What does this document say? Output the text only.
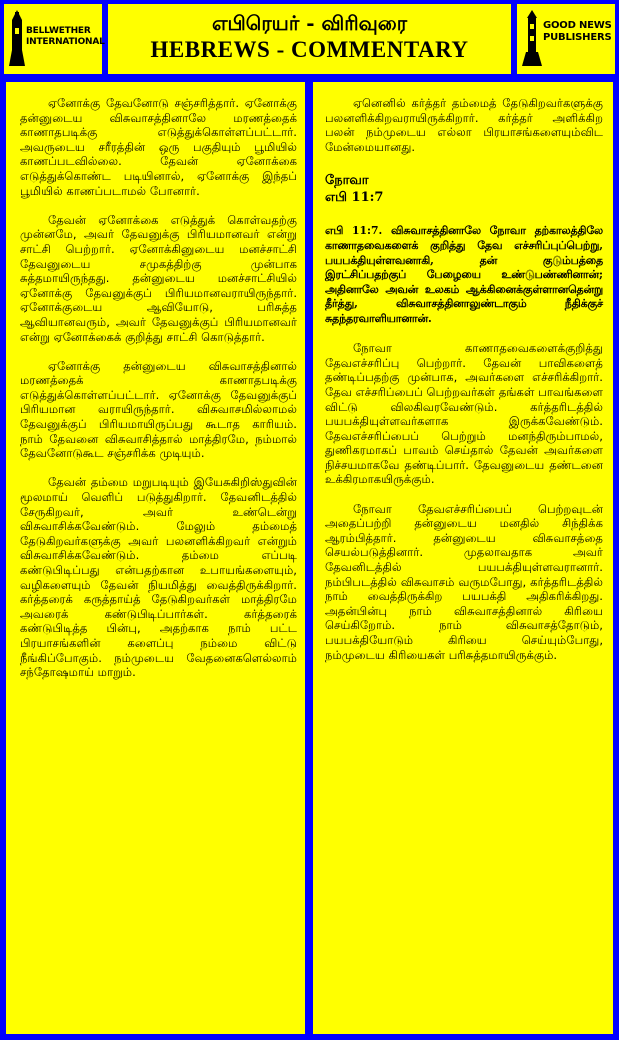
BELLWETHER INTERNATIONAL
எபிரெயர் - விரிவுரை
HEBREWS - COMMENTARY
GOOD NEWS PUBLISHERS

ஏனோக்கு தேவனோடு சஞ்சரித்தார். ஏனோக்கு தன்னுடைய விசுவாசத்தினாலே மரணத்தைக் காணாதபடிக்கு எடுத்துக்கொள்ளப்பட்டார். அவருடைய சரீரத்தின் ஒரு பகுதியும் பூமியில் காணப்படவில்லை. தேவன் ஏனோக்கை எடுத்துக்கொண்ட படியினால், ஏனோக்கு இந்தப் பூமியில் காணப்படாமல் போனார்.

தேவன் ஏனோக்கை எடுத்துக் கொள்வதற்கு முன்னமே, அவர் தேவனுக்கு பிரியமானவர் என்று சாட்சி பெற்றார். ஏனோக்கினுடைய மனச்சாட்சி தேவனுடைய சமுகத்திற்கு முன்பாக சுத்தமாயிருந்தது. தன்னுடைய மனச்சாட்சியில் ஏனோக்கு தேவனுக்குப் பிரியமானவராயிருந்தார். ஏனோக்குடைய ஆவியோடு, பரிசுத்த ஆவியானவரும், அவர் தேவனுக்குப் பிரியமானவர் என்று ஏனோக்கைக் குறித்து சாட்சி கொடுத்தார்.

ஏனோக்கு தன்னுடைய விசுவாசத்தினால் மரணத்தைக் காணாதபடிக்கு எடுத்துக்கொள்ளப்பட்டார். ஏனோக்கு தேவனுக்குப் பிரியமான வராயிருந்தார். விசுவாசமில்லாமல் தேவனுக்குப் பிரியமாயிருப்பது கூடாத காரியம். நாம் தேவனை விசுவாசித்தால் மாத்திரமே, நம்மால் தேவனோடுகூட சஞ்சரிக்க முடியும்.

தேவன் தம்மை மறுபடியும் இயேசுகிறிஸ்துவின் மூலமாய் வெளிப் படுத்துகிறார். தேவனிடத்தில் சேருகிறவர், அவர் உண்டென்று விசுவாசிக்கவேண்டும். மேலும் தம்மைத் தேடுகிறவர்களுக்கு அவர் பலனளிக்கிறவர் என்றும் விசுவாசிக்கவேண்டும். தம்மை எப்படி கண்டுபிடிப்பது என்பதற்கான உபாயங்களையும், வழிகளையும் தேவன் நியமித்து வைத்திருக்கிறார். கர்த்தரைக் கருத்தாய்த் தேடுகிறவர்கள் மாத்திரமே அவரைக் கண்டுபிடிப்பார்கள். கர்த்தரைக் கண்டுபிடித்த பின்பு, அதற்காக நாம் பட்ட பிரயாசங்களின் களைப்பு நம்மை விட்டு நீங்கிப்போகும். நம்முடைய வேதனைகளெல்லாம் சந்தோஷமாய் மாறும்.

ஏனெனில் கர்த்தர் தம்மைத் தேடுகிறவர்களுக்கு பலனளிக்கிறவராயிருக்கிறார். கர்த்தர் அளிக்கிற பலன் நம்முடைய எல்லா பிரயாசங்களையும்விட மேன்மையானது.

நோவா
எபி 11:7
எபி 11:7. விசுவாசத்தினாலே நோவா தற்காலத்திலே காணாதவைகளைக் குறித்து தேவ எச்சரிப்புப்பெற்று, பயபக்தியுள்ளவனாகி, தன் குடும்பத்தை இரட்சிப்பதற்குப் பேழையை உண்டுபண்ணினான்; அதினாலே அவன் உலகம் ஆக்கினைக்குள்ளானதென்று தீர்த்து, விசுவாசத்தினாலுண்டாகும் நீதிக்குச் சுதந்தரவாளியானான்.

நோவா காணாதவைகளைக்குறித்து தேவஎச்சரிப்பு பெற்றார். தேவன் பாவிகளைத் தண்டிப்பதற்கு முன்பாக, அவர்களை எச்சரிக்கிறார். தேவ எச்சரிப்பைப் பெற்றவர்கள் தங்கள் பாவங்களை விட்டு விலகிவரவேண்டும். கர்த்தரிடத்தில் பயபக்தியுள்ளவர்களாக இருக்கவேண்டும். தேவஎச்சரிப்பைப் பெற்றும் மனந்திரும்பாமல், துணிகரமாகப் பாவம் செய்தால் தேவன் அவர்களை நிச்சயமாகவே தண்டிப்பார். தேவனுடைய தண்டனை உக்கிரமாகயிருக்கும்.

நோவா தேவஎச்சரிப்பைப் பெற்றவுடன் அதைப்பற்றி தன்னுடைய மனதில் சிந்திக்க ஆரம்பித்தார். தன்னுடைய விசுவாசத்தை செயல்படுத்தினார். முதலாவதாக அவர் தேவனிடத்தில் பயபக்தியுள்ளவரானார். நம்பிபடத்தில் விசுவாசம் வருமபோது, கர்த்தரிடத்தில் நாம் வைத்திருக்கிற பயபக்தி அதிகரிக்கிறது. அதன்பின்பு நாம் விசுவாசத்தினால் கிரியை செய்கிறோம். நாம் விசுவாசத்தோடும், பயபக்தியோடும் கிரியை செய்யும்போது, நம்முடைய கிரியைகள் பரிசுத்தமாயிருக்கும்.
